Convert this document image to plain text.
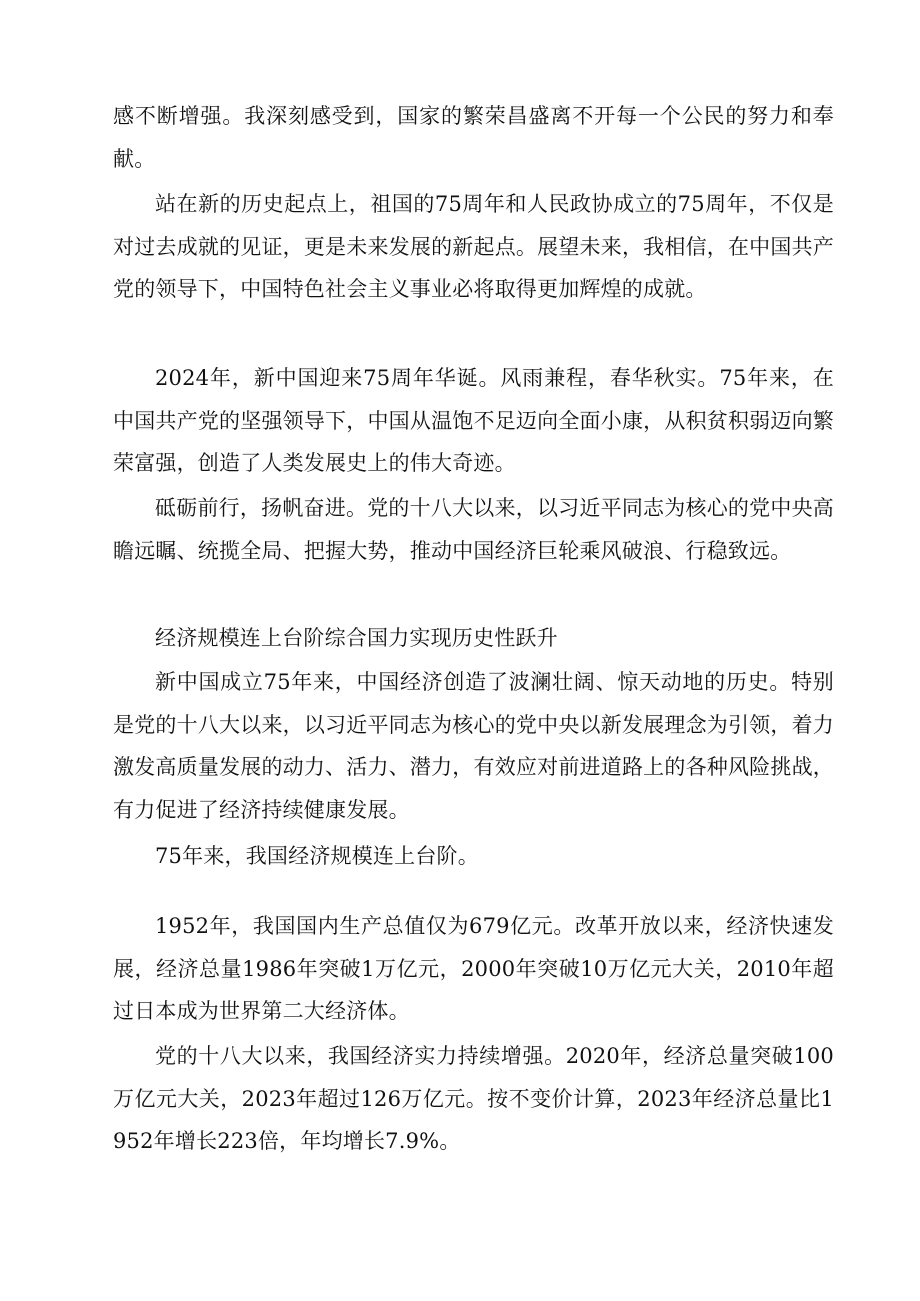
感不断增强。我深刻感受到，国家的繁荣昌盛离不开每一个公民的努力和奉献。

站在新的历史起点上，祖国的75周年和人民政协成立的75周年，不仅是对过去成就的见证，更是未来发展的新起点。展望未来，我相信，在中国共产党的领导下，中国特色社会主义事业必将取得更加辉煌的成就。

2024年，新中国迎来75周年华诞。风雨兼程，春华秋实。75年来，在中国共产党的坚强领导下，中国从温饱不足迈向全面小康，从积贫积弱迈向繁荣富强，创造了人类发展史上的伟大奇迹。

砥砺前行，扬帆奋进。党的十八大以来，以习近平同志为核心的党中央高瞻远瞩、统揽全局、把握大势，推动中国经济巨轮乘风破浪、行稳致远。

经济规模连上台阶综合国力实现历史性跃升

新中国成立75年来，中国经济创造了波澜壮阔、惊天动地的历史。特别是党的十八大以来，以习近平同志为核心的党中央以新发展理念为引领，着力激发高质量发展的动力、活力、潜力，有效应对前进道路上的各种风险挑战，有力促进了经济持续健康发展。

75年来，我国经济规模连上台阶。

1952年，我国国内生产总值仅为679亿元。改革开放以来，经济快速发展，经济总量1986年突破1万亿元，2000年突破10万亿元大关，2010年超过日本成为世界第二大经济体。

党的十八大以来，我国经济实力持续增强。2020年，经济总量突破100万亿元大关，2023年超过126万亿元。按不变价计算，2023年经济总量比1952年增长223倍，年均增长7.9%。
